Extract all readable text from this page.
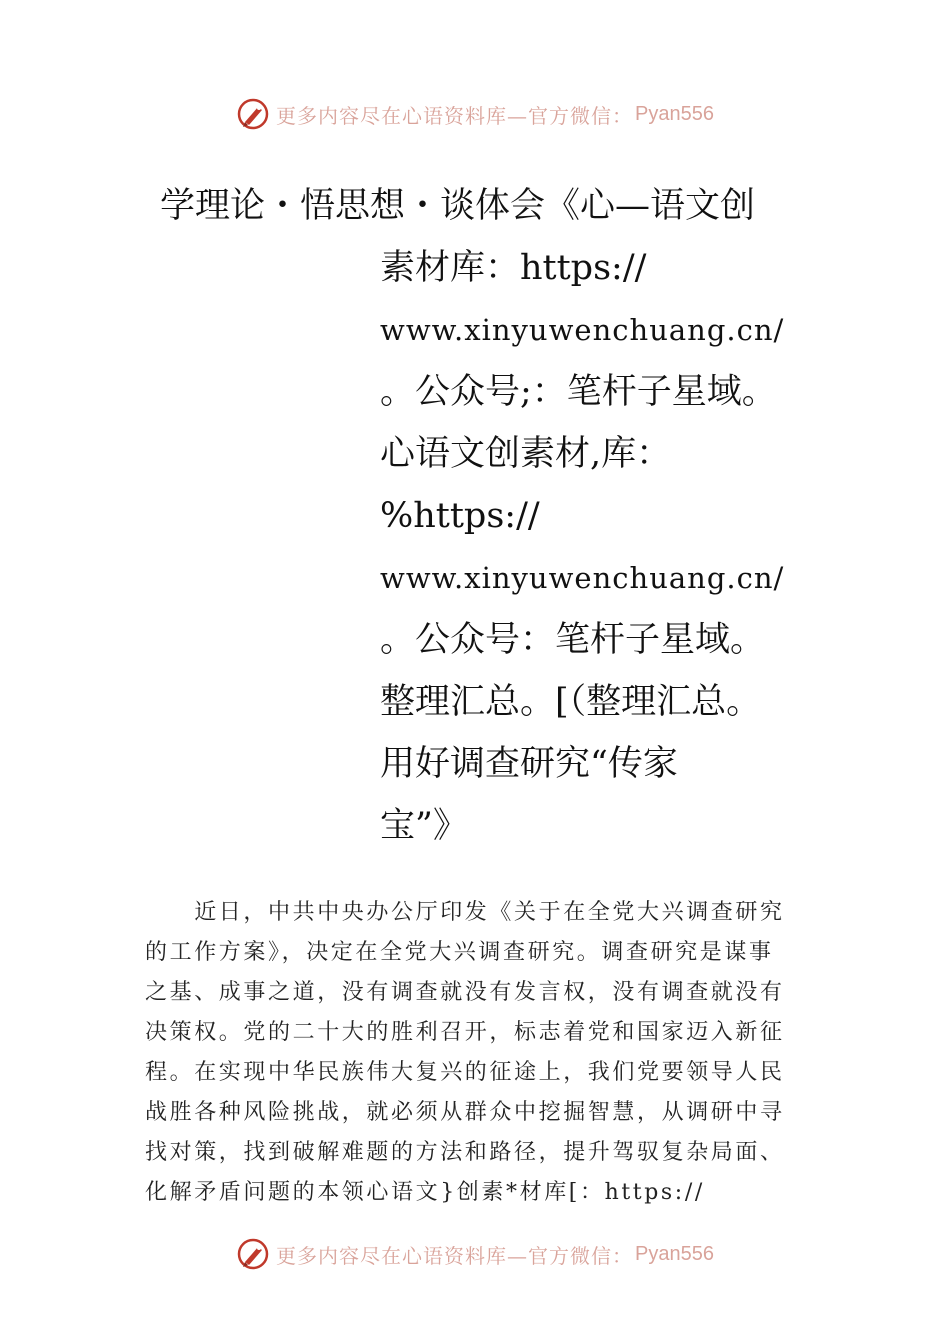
更多内容尽在心语资料库—官方微信： Pyan556
学理论・悟思想・谈体会《心—语文创
素材库：https://
www.xinyuwenchuang.cn/
。公众号;：笔杆子星域。
心语文创素材,库：
%https://
www.xinyuwenchuang.cn/
。公众号：笔杆子星域。
整理汇总。[（整理汇总。
用好调查研究“传家
宝”》
　　近日，中共中央办公厅印发《关于在全党大兴调查研究
的工作方案》，决定在全党大兴调查研究。调查研究是谋事
之基、成事之道，没有调查就没有发言权，没有调查就没有
决策权。党的二十大的胜利召开，标志着党和国家迈入新征
程。在实现中华民族伟大复兴的征途上，我们党要领导人民
战胜各种风险挑战，就必须从群众中挖掘智慧，从调研中寻
找对策，找到破解难题的方法和路径，提升驾驭复杂局面、
化解矛盾问题的本领心语文}创素*材库[：https://
更多内容尽在心语资料库—官方微信： Pyan556
